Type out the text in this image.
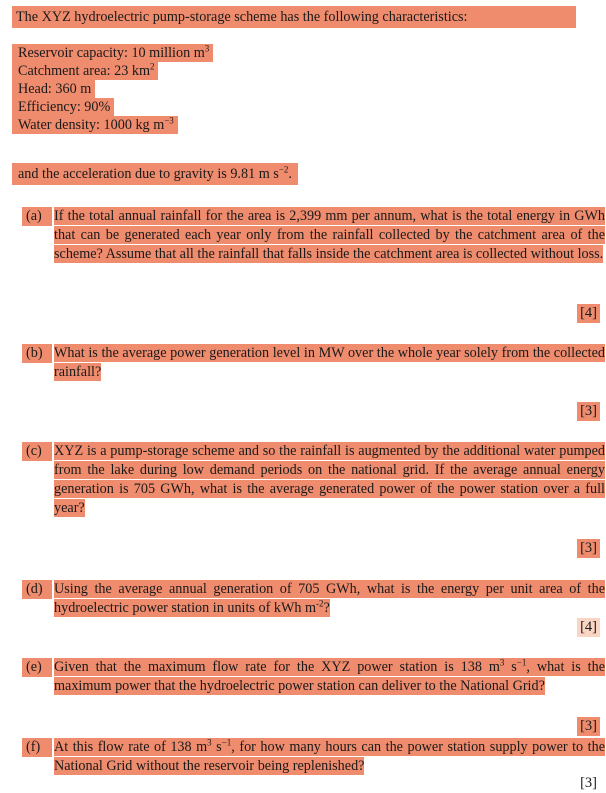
The XYZ hydroelectric pump-storage scheme has the following characteristics:
Reservoir capacity: 10 million $m^3$
Catchment area: 23 $km^2$
Head: 360 m
Efficiency: 90%
Water density: 1000 kg $m^{-3}$
and the acceleration due to gravity is 9.81 m $s^{-2}$.
(a) If the total annual rainfall for the area is 2,399 mm per annum, what is the total energy in GWh that can be generated each year only from the rainfall collected by the catchment area of the scheme? Assume that all the rainfall that falls inside the catchment area is collected without loss.
[4]
(b) What is the average power generation level in MW over the whole year solely from the collected rainfall?
[3]
(c) XYZ is a pump-storage scheme and so the rainfall is augmented by the additional water pumped from the lake during low demand periods on the national grid. If the average annual energy generation is 705 GWh, what is the average generated power of the power station over a full year?
[3]
(d) Using the average annual generation of 705 GWh, what is the energy per unit area of the hydroelectric power station in units of kWh $m^{-2}$?
[4]
(e) Given that the maximum flow rate for the XYZ power station is 138 $m^3$ $s^{-1}$, what is the maximum power that the hydroelectric power station can deliver to the National Grid?
[3]
(f) At this flow rate of 138 $m^3$ $s^{-1}$, for how many hours can the power station supply power to the National Grid without the reservoir being replenished?
[3]
